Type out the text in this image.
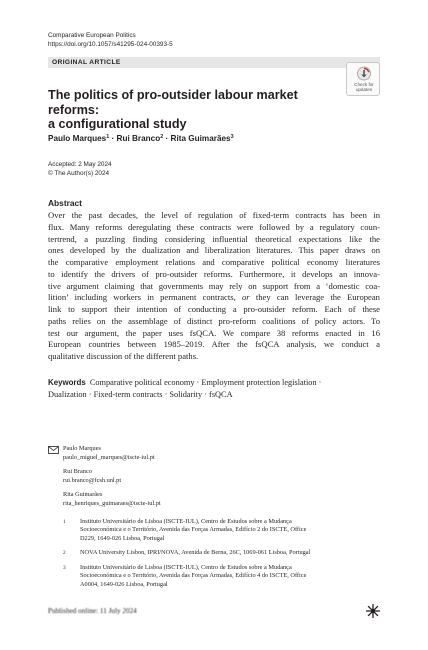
Comparative European Politics
https://doi.org/10.1057/s41295-024-00393-5
ORIGINAL ARTICLE
Check for
updates
The politics of pro-outsider labour market reforms:
a configurational study
Paulo Marques$^1$ · Rui Branco$^2$ · Rita Guimarães$^3$
Accepted: 2 May 2024
© The Author(s) 2024
Abstract
Over the past decades, the level of regulation of fixed-term contracts has been in
flux. Many reforms deregulating these contracts were followed by a regulatory coun-
tertrend, a puzzling finding considering influential theoretical expectations like the
ones developed by the dualization and liberalization literatures. This paper draws on
the comparative employment relations and comparative political economy literatures
to identify the drivers of pro-outsider reforms. Furthermore, it develops an innova-
tive argument claiming that governments may rely on support from a ‘domestic coa-
lition’ including workers in permanent contracts, or they can leverage the European
link to support their intention of conducting a pro-outsider reform. Each of these
paths relies on the assemblage of distinct pro-reform coalitions of policy actors. To
test our argument, the paper uses fsQCA. We compare 38 reforms enacted in 16
European countries between 1985–2019. After the fsQCA analysis, we conduct a
qualitative discussion of the different paths.
Keywords Comparative political economy · Employment protection legislation ·
Dualization · Fixed-term contracts · Solidarity · fsQCA
Paulo Marques
paulo_miguel_marques@iscte-iul.pt
Rui Branco
rui.branco@fcsh.unl.pt
Rita Guimarães
rita_henriques_guimaraes@iscte-iul.pt
1 Instituto Universitário de Lisboa (ISCTE-IUL), Centro de Estudos sobre a Mudança
Socioeconómica e o Território, Avenida das Forças Armadas, Edifício 2 do ISCTE, Office
D229, 1649-026 Lisboa, Portugal
2 NOVA University Lisbon, IPRI/NOVA, Avenida de Berna, 26C, 1069-061 Lisboa, Portugal
3 Instituto Universitário de Lisboa (ISCTE-IUL), Centro de Estudos sobre a Mudança
Socioeconómica e o Território, Avenida das Forças Armadas, Edifício 4 do ISCTE, Office
A0004, 1649-026 Lisboa, Portugal
Published online: 11 July 2024
